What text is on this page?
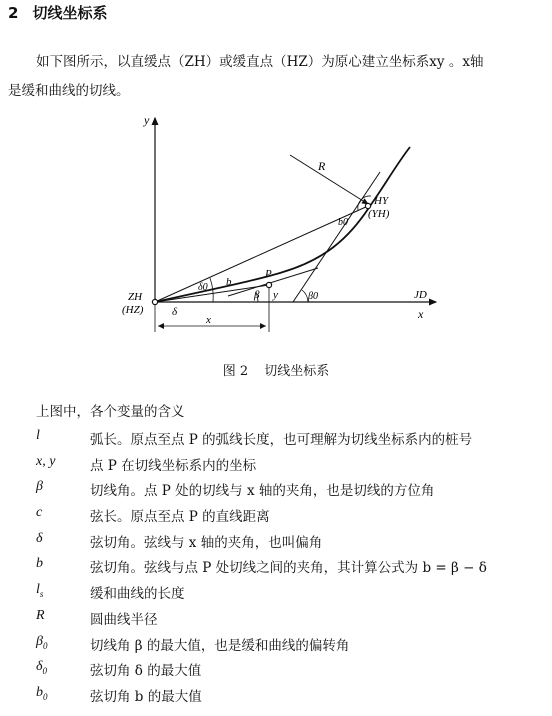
2 切线坐标系
如下图所示，以直缓点（ZH）或缓直点（HZ）为原心建立坐标系xy 。x轴
是缓和曲线的切线。
y
x
JD
ZH
(HZ)
HY
(YH)
R
P
b
b0
δ
δ0
β	β0
x
y
图 2 切线坐标系
上图中，各个变量的含义
l	弧长。原点至点 P 的弧线长度，也可理解为切线坐标系内的桩号
x, y	点 P 在切线坐标系内的坐标
β	切线角。点 P 处的切线与 x 轴的夹角，也是切线的方位角
c	弦长。原点至点 P 的直线距离
δ	弦切角。弦线与 x 轴的夹角，也叫偏角
b	弦切角。弦线与点 P 处切线之间的夹角，其计算公式为 b = β − δ
$l_s$	缓和曲线的长度
R	圆曲线半径
$\beta_0$	切线角 β 的最大值，也是缓和曲线的偏转角
$\delta_0$	弦切角 δ 的最大值
$b_0$	弦切角 b 的最大值
